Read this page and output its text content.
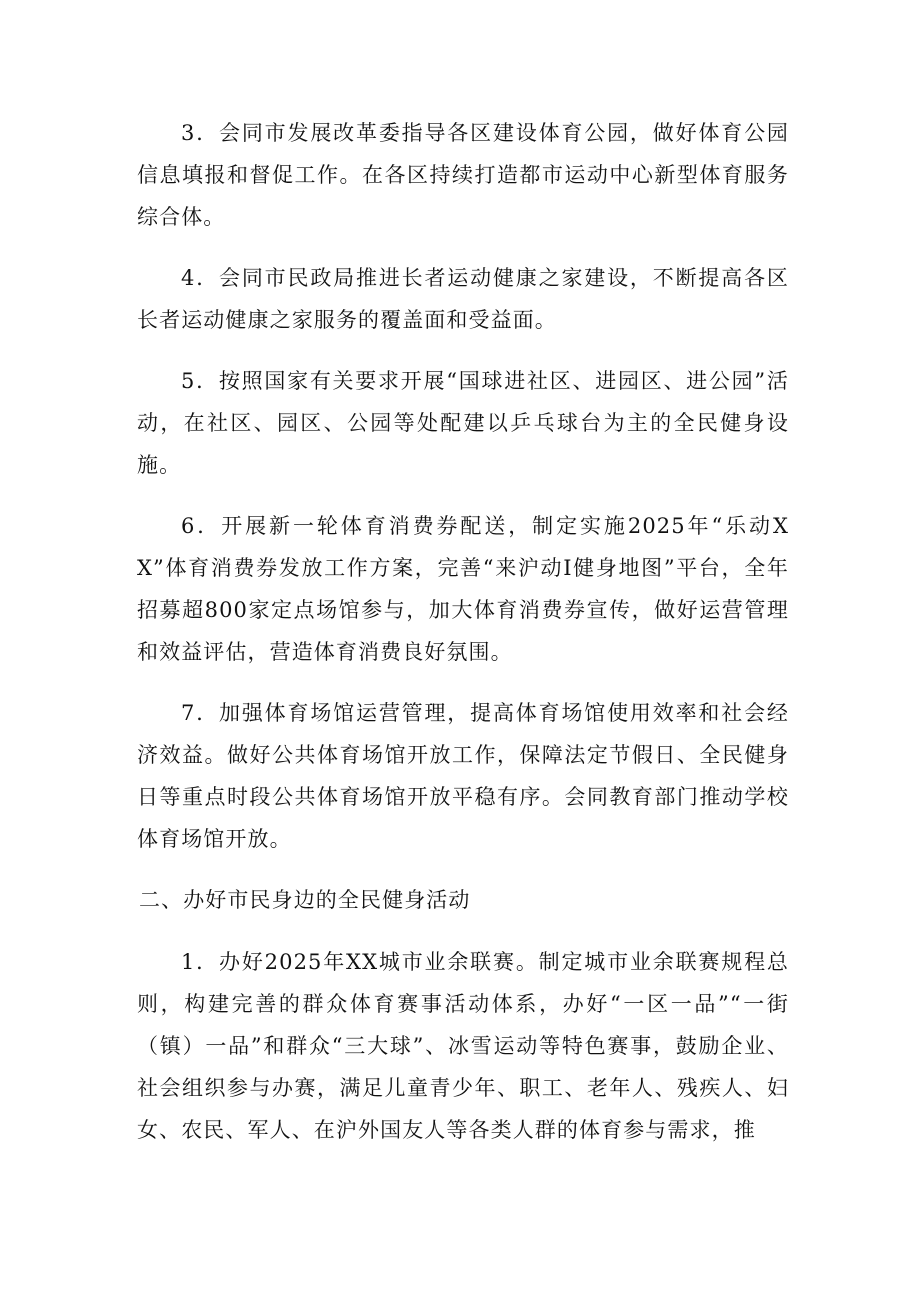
3．会同市发展改革委指导各区建设体育公园，做好体育公园信息填报和督促工作。在各区持续打造都市运动中心新型体育服务综合体。

4．会同市民政局推进长者运动健康之家建设，不断提高各区长者运动健康之家服务的覆盖面和受益面。

5．按照国家有关要求开展“国球进社区、进园区、进公园”活动，在社区、园区、公园等处配建以乒乓球台为主的全民健身设施。

6．开展新一轮体育消费券配送，制定实施2025年“乐动XX”体育消费券发放工作方案，完善“来沪动I健身地图”平台，全年招募超800家定点场馆参与，加大体育消费券宣传，做好运营管理和效益评估，营造体育消费良好氛围。

7．加强体育场馆运营管理，提高体育场馆使用效率和社会经济效益。做好公共体育场馆开放工作，保障法定节假日、全民健身日等重点时段公共体育场馆开放平稳有序。会同教育部门推动学校体育场馆开放。

二、办好市民身边的全民健身活动

1．办好2025年XX城市业余联赛。制定城市业余联赛规程总则，构建完善的群众体育赛事活动体系，办好“一区一品”“一街（镇）一品”和群众“三大球”、冰雪运动等特色赛事，鼓励企业、社会组织参与办赛，满足儿童青少年、职工、老年人、残疾人、妇女、农民、军人、在沪外国友人等各类人群的体育参与需求，推
